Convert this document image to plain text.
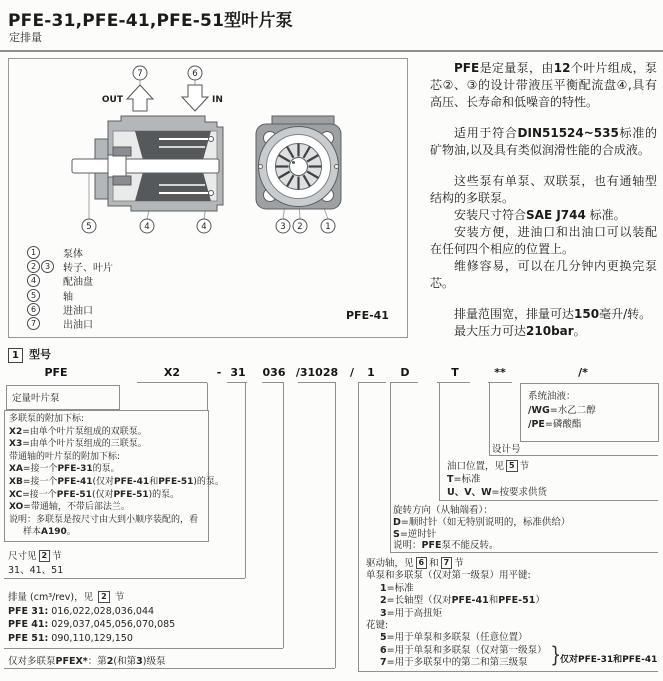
PFE-31,PFE-41,PFE-51型叶片泵
定排量
OUT	IN
7	6
5	4	4	3 2	1
1	泵体
2	3	转子、叶片
4	配油盘
5	轴
6	进油口
7	出油口
PFE-41

PFE是定量泵，由12个叶片组成，泵芯②、③的设计带液压平衡配流盘④,具有高压、长寿命和低噪音的特性。

适用于符合DIN51524~535标准的矿物油,以及具有类似润滑性能的合成液。

这些泵有单泵、双联泵，也有通轴型结构的多联泵。

安装尺寸符合SAE J744 标准。

安装方便，进油口和出油口可以装配在任何四个相应的位置上。

维修容易，可以在几分钟内更换完泵芯。

排量范围宽，排量可达150毫升/转。

最大压力可达210bar。

1 型号
PFE	X2	- 31 036 /31028 / 1 D	T	**	/*
定量叶片泵
多联泵的附加下标:
X2=由单个叶片泵组成的双联泵。
X3=由单个叶片泵组成的三联泵。
带通轴的叶片泵的附加下标:
XA=接一个PFE-31的泵。
XB=接一个PFE-41(仅对PFE-41和PFE-51)的泵。
XC=接一个PFE-51(仅对PFE-51)的泵。
XO=带通轴，不带后部法兰。
说明：多联泵是按尺寸由大到小顺序装配的，看
样本A190。
尺寸见 2 节
31、41、51
排量 (cm³/rev)，见 2 节
PFE 31: 016,022,028,036,044
PFE 41: 029,037,045,056,070,085
PFE 51: 090,110,129,150
仅对多联泵PFEX*：第2(和第3)级泵
驱动轴，见 6 和 7 节
单泵和多联泵（仅对第一级泵）用平键:
1=标准
2=长轴型（仅对PFE-41和PFE-51）
3=用于高扭矩
花键:
5=用于单泵和多联泵（任意位置）
6=用于单泵和多联泵（仅对第一级泵）
7=用于多联泵中的第二和第三级泵
旋转方向（从轴端看）：
D=顺时针（如无特别说明的，标准供给）
S=逆时针
说明：PFE泵不能反转。
油口位置，见 5 节
T=标准
U、V、W=按要求供货
设计号
系统油液：
/WG=水乙二醇
/PE=磷酸酯
}
仅对PFE-31和PFE-41
